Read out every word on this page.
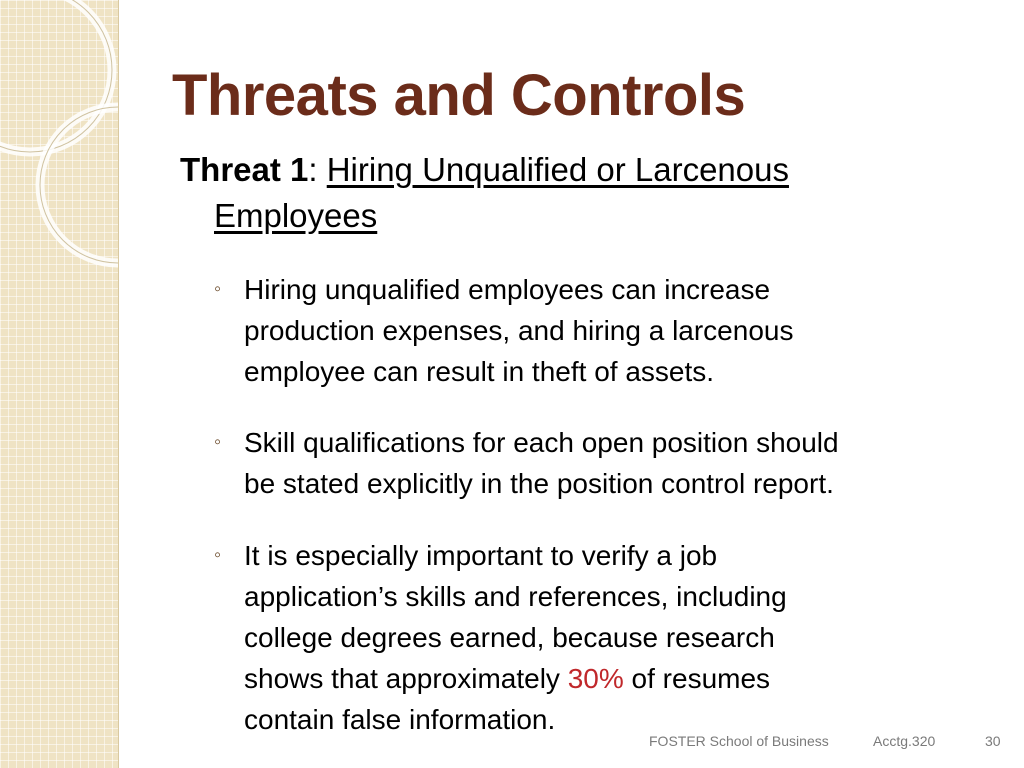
Threats and Controls
Threat 1: Hiring Unqualified or Larcenous
Employees
◦ Hiring unqualified employees can increase
production expenses, and hiring a larcenous
employee can result in theft of assets.
◦ Skill qualifications for each open position should
be stated explicitly in the position control report.
◦ It is especially important to verify a job
application’s skills and references, including
college degrees earned, because research
shows that approximately 30% of resumes
contain false information.
FOSTER School of Business	Acctg.320	30
